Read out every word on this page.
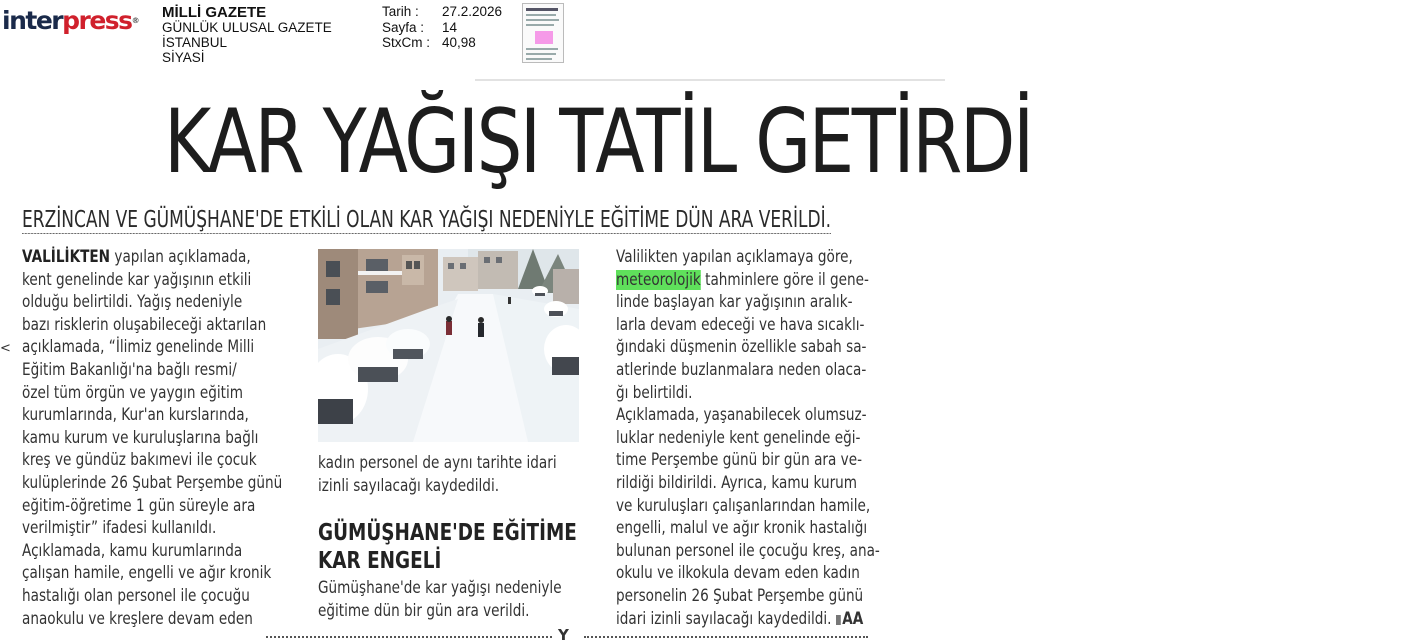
interpress® MİLLİ GAZETE
GÜNLÜK ULUSAL GAZETE
İSTANBUL
SİYASİ
Tarih :	27.2.2026
Sayfa :	14
StxCm : 40,98
KAR YAĞIŞI TATİL GETİRDİ
ERZİNCAN VE GÜMÜŞHANE'DE ETKİLİ OLAN KAR YAĞIŞI NEDENİYLE EĞİTİME DÜN ARA VERİLDİ.
<
VALİLİKTEN yapılan açıklamada,
kent genelinde kar yağışının etkili
olduğu belirtildi. Yağış nedeniyle
bazı risklerin oluşabileceği aktarılan
açıklamada, “İlimiz genelinde Milli
Eğitim Bakanlığı'na bağlı resmi/
özel tüm örgün ve yaygın eğitim
kurumlarında, Kur'an kurslarında,
kamu kurum ve kuruluşlarına bağlı
kreş ve gündüz bakımevi ile çocuk
kulüplerinde 26 Şubat Perşembe günü
eğitim-öğretime 1 gün süreyle ara
verilmiştir” ifadesi kullanıldı.
Açıklamada, kamu kurumlarında
çalışan hamile, engelli ve ağır kronik
hastalığı olan personel ile çocuğu
anaokulu ve kreşlere devam eden
kadın personel de aynı tarihte idari
izinli sayılacağı kaydedildi.
GÜMÜŞHANE'DE EĞİTİME
KAR ENGELİ
Gümüşhane'de kar yağışı nedeniyle
eğitime dün bir gün ara verildi.
Valilikten yapılan açıklamaya göre,
meteorolojik tahminlere göre il gene-
linde başlayan kar yağışının aralık-
larla devam edeceği ve hava sıcaklı-
ğındaki düşmenin özellikle sabah sa-
atlerinde buzlanmalara neden olaca-
ğı belirtildi.
Açıklamada, yaşanabilecek olumsuz-
luklar nedeniyle kent genelinde eği-
time Perşembe günü bir gün ara ve-
rildiği bildirildi. Ayrıca, kamu kurum
ve kuruluşları çalışanlarından hamile,
engelli, malul ve ağır kronik hastalığı
bulunan personel ile çocuğu kreş, ana-
okulu ve ilkokula devam eden kadın
personelin 26 Şubat Perşembe günü
idari izinli sayılacağı kaydedildi. AA
Y
